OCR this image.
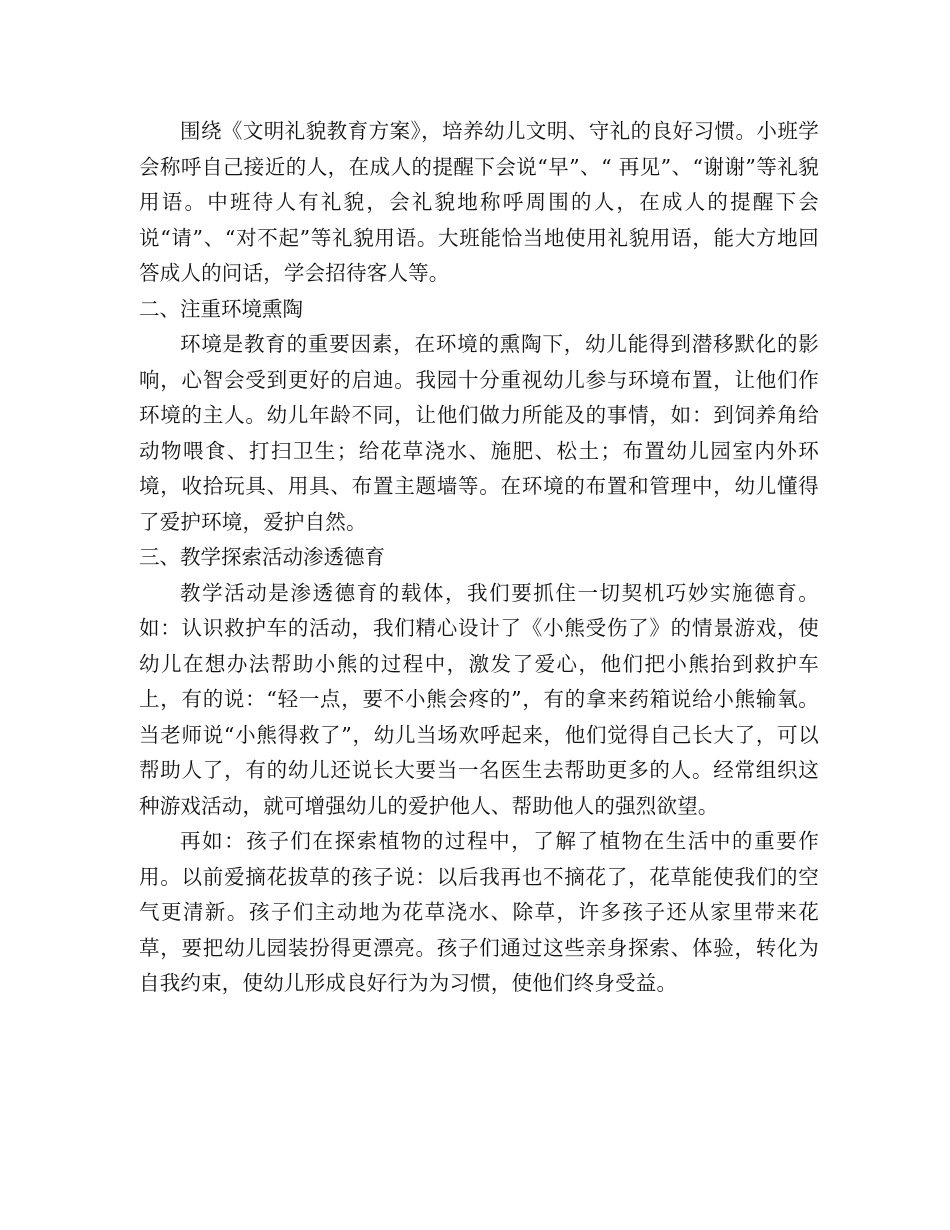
围绕《文明礼貌教育方案》，培养幼儿文明、守礼的良好习惯。小班学会称呼自己接近的人，在成人的提醒下会说“早”、“ 再见”、“谢谢”等礼貌用语。中班待人有礼貌，会礼貌地称呼周围的人，在成人的提醒下会说“请”、“对不起”等礼貌用语。大班能恰当地使用礼貌用语，能大方地回答成人的问话，学会招待客人等。

二、注重环境熏陶

环境是教育的重要因素，在环境的熏陶下，幼儿能得到潜移默化的影响，心智会受到更好的启迪。我园十分重视幼儿参与环境布置，让他们作环境的主人。幼儿年龄不同，让他们做力所能及的事情，如：到饲养角给动物喂食、打扫卫生；给花草浇水、施肥、松土；布置幼儿园室内外环境，收拾玩具、用具、布置主题墙等。在环境的布置和管理中，幼儿懂得了爱护环境，爱护自然。

三、教学探索活动渗透德育

教学活动是渗透德育的载体，我们要抓住一切契机巧妙实施德育。如：认识救护车的活动，我们精心设计了《小熊受伤了》的情景游戏，使幼儿在想办法帮助小熊的过程中，激发了爱心，他们把小熊抬到救护车上，有的说：“轻一点，要不小熊会疼的”，有的拿来药箱说给小熊输氧。当老师说“小熊得救了”，幼儿当场欢呼起来，他们觉得自己长大了，可以帮助人了，有的幼儿还说长大要当一名医生去帮助更多的人。经常组织这种游戏活动，就可增强幼儿的爱护他人、帮助他人的强烈欲望。

再如：孩子们在探索植物的过程中，了解了植物在生活中的重要作用。以前爱摘花拔草的孩子说：以后我再也不摘花了，花草能使我们的空气更清新。孩子们主动地为花草浇水、除草，许多孩子还从家里带来花草，要把幼儿园装扮得更漂亮。孩子们通过这些亲身探索、体验，转化为自我约束，使幼儿形成良好行为为习惯，使他们终身受益。
